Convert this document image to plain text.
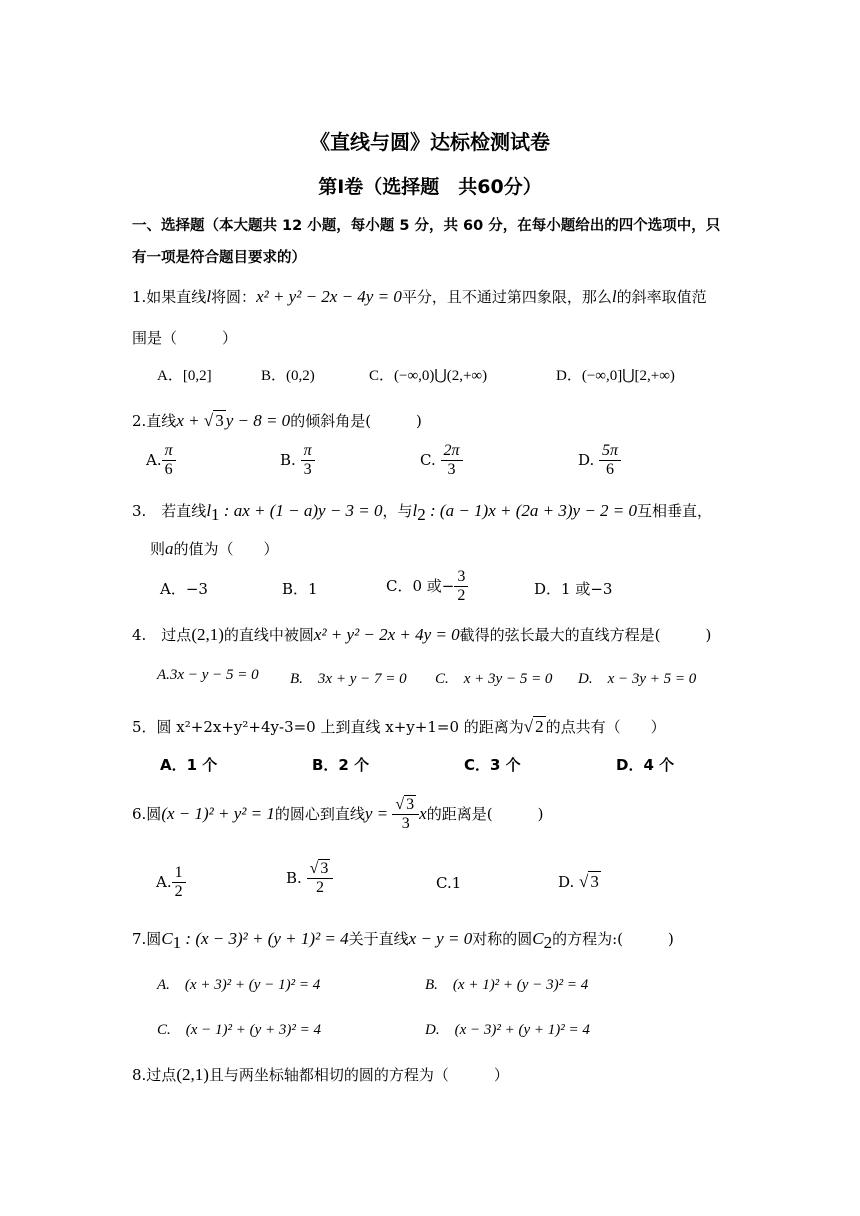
《直线与圆》达标检测试卷
第Ⅰ卷（选择题　共60分）
一、选择题（本大题共 12 小题，每小题 5 分，共 60 分，在每小题给出的四个选项中，只
有一项是符合题目要求的）
1.如果直线l将圆：x² + y² − 2x − 4y = 0平分，且不通过第四象限，那么l的斜率取值范
围是（　　　）
A．[0,2]	B．(0,2)	C．(−∞,0)⋃(2,+∞)	D．(−∞,0]⋃[2,+∞)
2.直线x + √ 3 y − 8 = 0的倾斜角是(　　　)
A. $\frac{\pi}{6}$	B. $\frac{\pi}{3}$	C. $\frac{2\pi}{3}$	D. $\frac{5\pi}{6}$
3.　若直线$l_1$ : ax + (1 − a)y − 3 = 0，与$l_2$ : (a − 1)x + (2a + 3)y − 2 = 0互相垂直，
则a的值为（　　）
A．−3	B．1	C．0 或− $\frac{3}{2}$	D．1 或−3
4.　过点(2,1)的直线中被圆x² + y² − 2x + 4y = 0截得的弦长最大的直线方程是(　　　)
A.3x − y − 5 = 0 B.　3x + y − 7 = 0 C.　x + 3y − 5 = 0 D.　x − 3y + 5 = 0
5．圆 x²+2x+y²+4y-3=0 上到直线 x+y+1=0 的距离为√ 2 的点共有（　　）
A．1 个	B．2 个	C．3 个	D．4 个
6.圆(x − 1)² + y² = 1的圆心到直线$y = \frac{√ 3}{3}$ x的距离是(　　　)
A. $\frac{1}{2}$	B. $\frac{√ 3}{2}$	C.1	D. √ 3
7.圆$C_1$ : (x − 3)² + (y + 1)² = 4关于直线x − y = 0对称的圆$C_2$的方程为:(　　　)
A.　(x + 3)² + (y − 1)² = 4	B.　(x + 1)² + (y − 3)² = 4
C.　(x − 1)² + (y + 3)² = 4	D.　(x − 3)² + (y + 1)² = 4
8.过点(2,1)且与两坐标轴都相切的圆的方程为（　　　）
